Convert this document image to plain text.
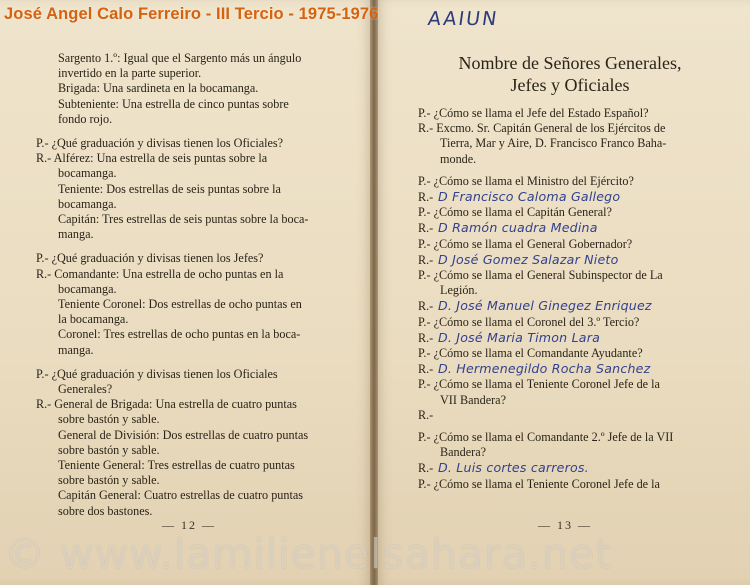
José Angel Calo Ferreiro - III Tercio - 1975-1976	AAIUN
Sargento 1.º: Igual que el Sargento más un ángulo
invertido en la parte superior.
Brigada: Una sardineta en la bocamanga.
Subteniente: Una estrella de cinco puntas sobre
fondo rojo.
P.- ¿Qué graduación y divisas tienen los Oficiales?
R.- Alférez: Una estrella de seis puntas sobre la
bocamanga.
Teniente: Dos estrellas de seis puntas sobre la
bocamanga.
Capitán: Tres estrellas de seis puntas sobre la boca-
manga.
P.- ¿Qué graduación y divisas tienen los Jefes?
R.- Comandante: Una estrella de ocho puntas en la
bocamanga.
Teniente Coronel: Dos estrellas de ocho puntas en
la bocamanga.
Coronel: Tres estrellas de ocho puntas en la boca-
manga.
P.- ¿Qué graduación y divisas tienen los Oficiales
Generales?
R.- General de Brigada: Una estrella de cuatro puntas
sobre bastón y sable.
General de División: Dos estrellas de cuatro puntas
sobre bastón y sable.
Teniente General: Tres estrellas de cuatro puntas
sobre bastón y sable.
Capitán General: Cuatro estrellas de cuatro puntas
sobre dos bastones.
— 12 —
Nombre de Señores Generales,
Jefes y Oficiales
P.- ¿Cómo se llama el Jefe del Estado Español?
R.- Excmo. Sr. Capitán General de los Ejércitos de
Tierra, Mar y Aire, D. Francisco Franco Baha-
monde.
P.- ¿Cómo se llama el Ministro del Ejército?
R.- D Francisco Caloma Gallego
P.- ¿Cómo se llama el Capitán General?
R.- D Ramón cuadra Medina
P.- ¿Cómo se llama el General Gobernador?
R.- D José Gomez Salazar Nieto
P.- ¿Cómo se llama el General Subinspector de La
Legión.
R.- D. José Manuel Ginegez Enriquez
P.- ¿Cómo se llama el Coronel del 3.º Tercio?
R.- D. José Maria Timon Lara
P.- ¿Cómo se llama el Comandante Ayudante?
R.- D. Hermenegildo Rocha Sanchez
P.- ¿Cómo se llama el Teniente Coronel Jefe de la
VII Bandera?
R.-
P.- ¿Cómo se llama el Comandante 2.º Jefe de la VII
Bandera?
R.- D. Luis cortes carreros.
P.- ¿Cómo se llama el Teniente Coronel Jefe de la
— 13 —
© www.lamilienelsahara.net
